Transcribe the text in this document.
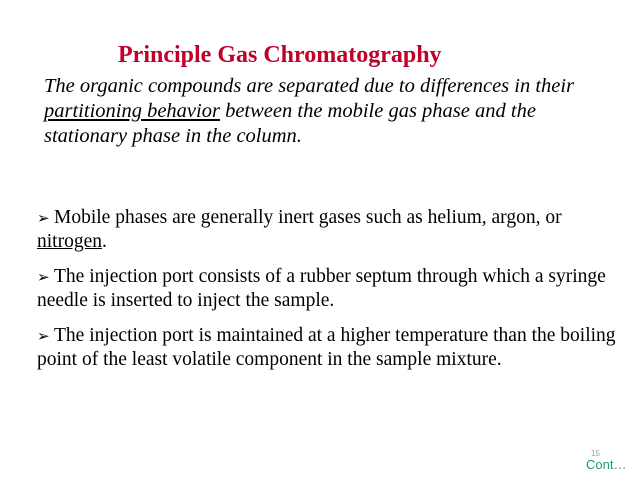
Principle Gas Chromatography

The organic compounds are separated due to differences in their partitioning behavior between the mobile gas phase and the stationary phase in the column.

➢ Mobile phases are generally inert gases such as helium, argon, or nitrogen.
➢ The injection port consists of a rubber septum through which a syringe needle is inserted to inject the sample.
➢ The injection port is maintained at a higher temperature than the boiling point of the least volatile component in the sample mixture.
15
Cont…
